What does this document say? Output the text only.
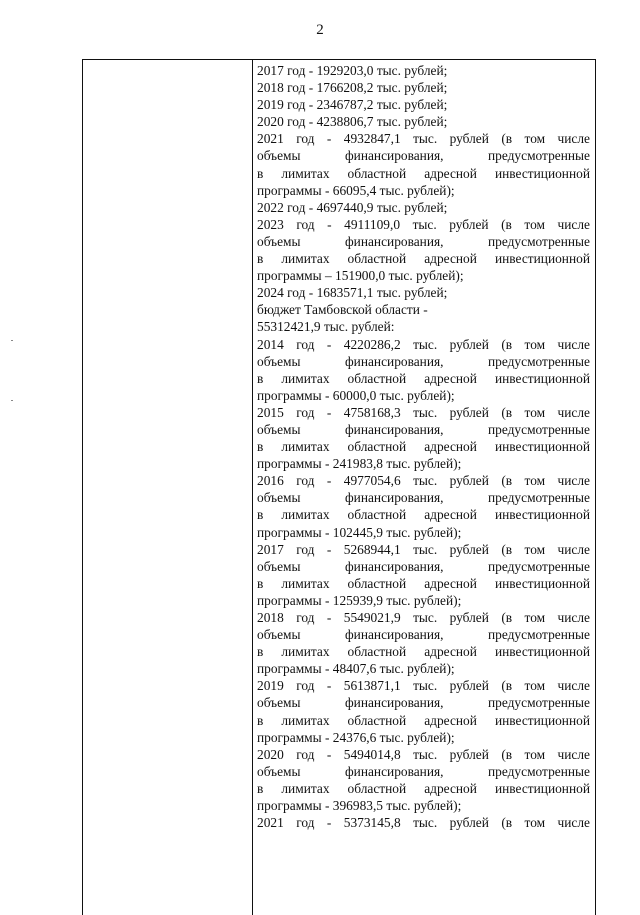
2
2017 год - 1929203,0 тыс. рублей;
2018 год - 1766208,2 тыс. рублей;
2019 год - 2346787,2 тыс. рублей;
2020 год - 4238806,7 тыс. рублей;
2021 год - 4932847,1 тыс. рублей (в том числе
объемы финансирования, предусмотренные
в лимитах областной адресной инвестиционной
программы - 66095,4 тыс. рублей);
2022 год - 4697440,9 тыс. рублей;
2023 год - 4911109,0 тыс. рублей (в том числе
объемы финансирования, предусмотренные
в лимитах областной адресной инвестиционной
программы – 151900,0 тыс. рублей);
2024 год - 1683571,1 тыс. рублей;
бюджет Тамбовской области -
55312421,9 тыс. рублей:
2014 год - 4220286,2 тыс. рублей (в том числе
объемы финансирования, предусмотренные
в лимитах областной адресной инвестиционной
программы - 60000,0 тыс. рублей);
2015 год - 4758168,3 тыс. рублей (в том числе
объемы финансирования, предусмотренные
в лимитах областной адресной инвестиционной
программы - 241983,8 тыс. рублей);
2016 год - 4977054,6 тыс. рублей (в том числе
объемы финансирования, предусмотренные
в лимитах областной адресной инвестиционной
программы - 102445,9 тыс. рублей);
2017 год - 5268944,1 тыс. рублей (в том числе
объемы финансирования, предусмотренные
в лимитах областной адресной инвестиционной
программы - 125939,9 тыс. рублей);
2018 год - 5549021,9 тыс. рублей (в том числе
объемы финансирования, предусмотренные
в лимитах областной адресной инвестиционной
программы - 48407,6 тыс. рублей);
2019 год - 5613871,1 тыс. рублей (в том числе
объемы финансирования, предусмотренные
в лимитах областной адресной инвестиционной
программы - 24376,6 тыс. рублей);
2020 год - 5494014,8 тыс. рублей (в том числе
объемы финансирования, предусмотренные
в лимитах областной адресной инвестиционной
программы - 396983,5 тыс. рублей);
2021 год - 5373145,8 тыс. рублей (в том числе
